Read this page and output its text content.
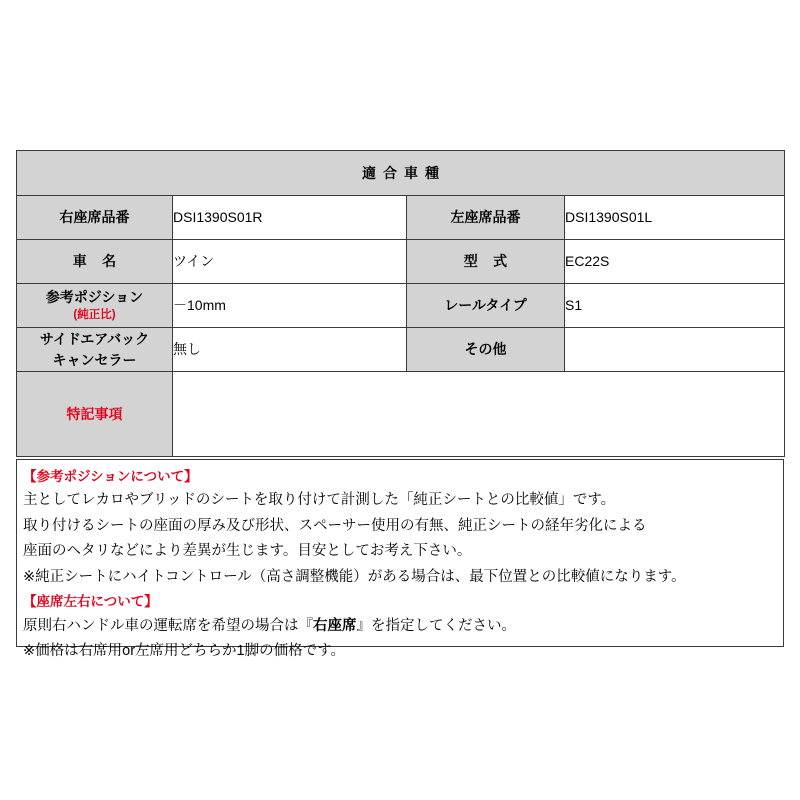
適合車種			
右座席品番	DSI1390S01R	左座席品番	DSI1390S01L
車名	ツイン	型式	EC22S
参考ポジション
(純正比)	－10mm	レールタイプ	S1

サイドエアバック
キャンセラー	無し	その他	
特記事項			

【参考ポジションについて】

主としてレカロやブリッドのシートを取り付けて計測した「純正シートとの比較値」です。

取り付けるシートの座面の厚み及び形状、スペーサー使用の有無、純正シートの経年劣化による

座面のヘタリなどにより差異が生じます。目安としてお考え下さい。

※純正シートにハイトコントロール（高さ調整機能）がある場合は、最下位置との比較値になります。

【座席左右について】

原則右ハンドル車の運転席を希望の場合は『右座席』を指定してください。

※価格は右席用or左席用どちらか1脚の価格です。
